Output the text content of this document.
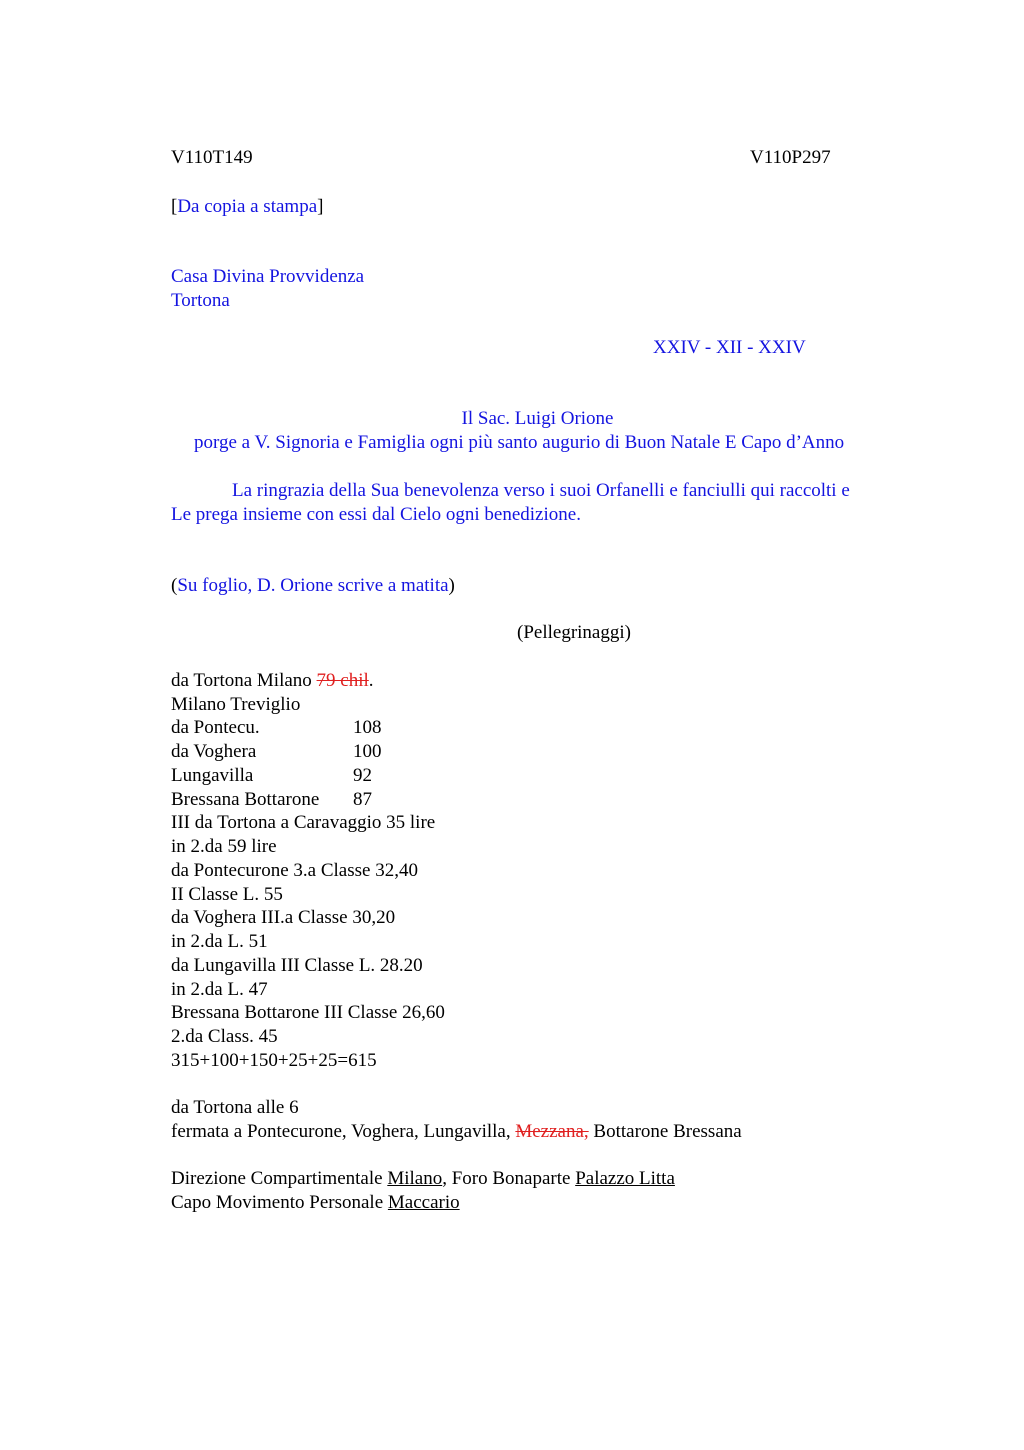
V110T149	V110P297
[Da copia a stampa]
Casa Divina Provvidenza
Tortona
XXIV - XII - XXIV
Il Sac. Luigi Orione
porge a V. Signoria e Famiglia ogni più santo augurio di Buon Natale E Capo d’Anno
La ringrazia della Sua benevolenza verso i suoi Orfanelli e fanciulli qui raccolti e
Le prega insieme con essi dal Cielo ogni benedizione.
(Su foglio, D. Orione scrive a matita)
(Pellegrinaggi)
da Tortona Milano 79 chil.
Milano Treviglio
da Pontecu.	108
da Voghera	100
Lungavilla	92
Bressana Bottarone 87
III da Tortona a Caravaggio 35 lire
in 2.da 59 lire
da Pontecurone 3.a Classe 32,40
II Classe L. 55
da Voghera III.a Classe 30,20
in 2.da L. 51
da Lungavilla III Classe L. 28.20
in 2.da L. 47
Bressana Bottarone III Classe 26,60
2.da Class. 45
315+100+150+25+25=615
da Tortona alle 6
fermata a Pontecurone, Voghera, Lungavilla, Mezzana, Bottarone Bressana
Direzione Compartimentale Milano, Foro Bonaparte Palazzo Litta
Capo Movimento Personale Maccario
